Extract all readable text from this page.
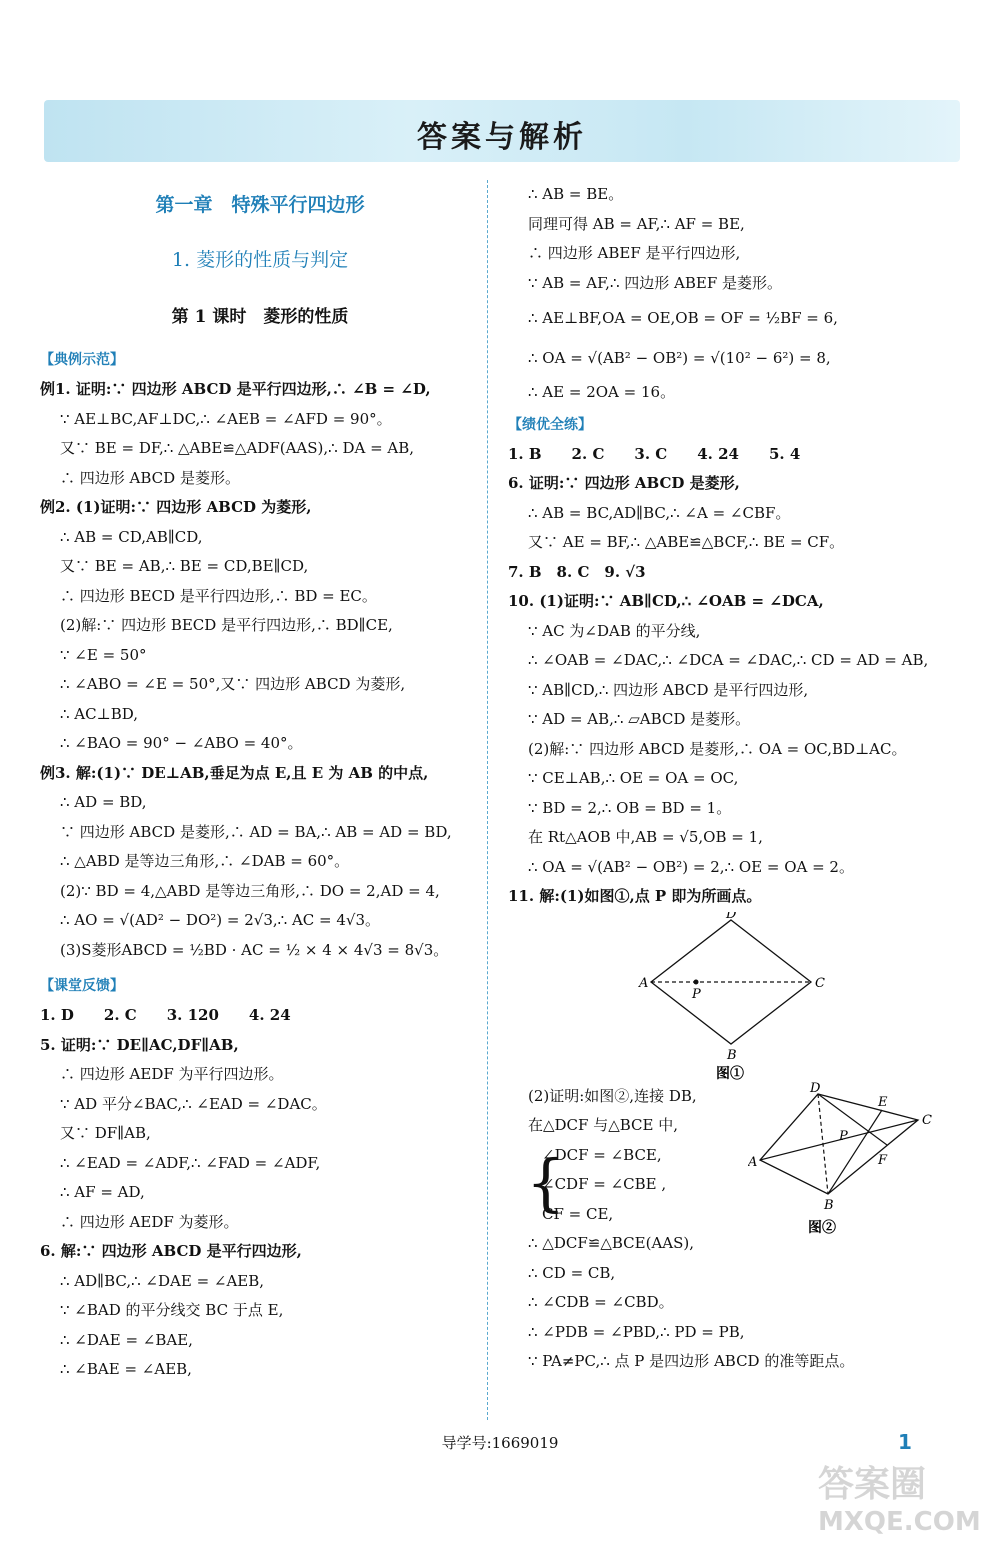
答案与解析
第一章　特殊平行四边形
1. 菱形的性质与判定
第 1 课时　菱形的性质
【典例示范】
例1. 证明:∵ 四边形 ABCD 是平行四边形,∴ ∠B = ∠D,
∵ AE⊥BC,AF⊥DC,∴ ∠AEB = ∠AFD = 90°。
又∵ BE = DF,∴ △ABE≌△ADF(AAS),∴ DA = AB,
∴ 四边形 ABCD 是菱形。
例2. (1)证明:∵ 四边形 ABCD 为菱形,
∴ AB = CD,AB∥CD,
又∵ BE = AB,∴ BE = CD,BE∥CD,
∴ 四边形 BECD 是平行四边形,∴ BD = EC。
(2)解:∵ 四边形 BECD 是平行四边形,∴ BD∥CE,
∵ ∠E = 50°
∴ ∠ABO = ∠E = 50°,又∵ 四边形 ABCD 为菱形,
∴ AC⊥BD,
∴ ∠BAO = 90° − ∠ABO = 40°。
例3. 解:(1)∵ DE⊥AB,垂足为点 E,且 E 为 AB 的中点,
∴ AD = BD,
∵ 四边形 ABCD 是菱形,∴ AD = BA,∴ AB = AD = BD,
∴ △ABD 是等边三角形,∴ ∠DAB = 60°。
(2)∵ BD = 4,△ABD 是等边三角形,∴ DO = 2,AD = 4,
∴ AO = √(AD² − DO²) = 2√3,∴ AC = 4√3。
(3)S菱形ABCD = ½BD · AC = ½ × 4 × 4√3 = 8√3。
【课堂反馈】
1. D　　2. C　　3. 120　　4. 24
5. 证明:∵ DE∥AC,DF∥AB,
∴ 四边形 AEDF 为平行四边形。
∵ AD 平分∠BAC,∴ ∠EAD = ∠DAC。
又∵ DF∥AB,
∴ ∠EAD = ∠ADF,∴ ∠FAD = ∠ADF,
∴ AF = AD,
∴ 四边形 AEDF 为菱形。
6. 解:∵ 四边形 ABCD 是平行四边形,
∴ AD∥BC,∴ ∠DAE = ∠AEB,
∵ ∠BAD 的平分线交 BC 于点 E,
∴ ∠DAE = ∠BAE,
∴ ∠BAE = ∠AEB,
∴ AB = BE。
同理可得 AB = AF,∴ AF = BE,
∴ 四边形 ABEF 是平行四边形,
∵ AB = AF,∴ 四边形 ABEF 是菱形。
∴ AE⊥BF,OA = OE,OB = OF = ½BF = 6,
∴ OA = √(AB² − OB²) = √(10² − 6²) = 8,
∴ AE = 2OA = 16。
【绩优全练】
1. B　　2. C　　3. C　　4. 24　　5. 4
6. 证明:∵ 四边形 ABCD 是菱形,
∴ AB = BC,AD∥BC,∴ ∠A = ∠CBF。
又∵ AE = BF,∴ △ABE≌△BCF,∴ BE = CF。
7. B　8. C　9. √3
10. (1)证明:∵ AB∥CD,∴ ∠OAB = ∠DCA,
∵ AC 为∠DAB 的平分线,
∴ ∠OAB = ∠DAC,∴ ∠DCA = ∠DAC,∴ CD = AD = AB,
∵ AB∥CD,∴ 四边形 ABCD 是平行四边形,
∵ AD = AB,∴ ▱ABCD 是菱形。
(2)解:∵ 四边形 ABCD 是菱形,∴ OA = OC,BD⊥AC。
∵ CE⊥AB,∴ OE = OA = OC,
∵ BD = 2,∴ OB = BD = 1。
在 Rt△AOB 中,AB = √5,OB = 1,
∴ OA = √(AB² − OB²) = 2,∴ OE = OA = 2。
11. 解:(1)如图①,点 P 即为所画点。
D
A	C
B
P
图①
(2)证明:如图②,连接 DB,
在△DCF 与△BCE 中,
{
∠DCF = ∠BCE,
∠CDF = ∠CBE ,
CF = CE,
∴ △DCF≌△BCE(AAS),
∴ CD = CB,
∴ ∠CDB = ∠CBD。
∴ ∠PDB = ∠PBD,∴ PD = PB,
∵ PA≠PC,∴ 点 P 是四边形 ABCD 的准等距点。
D
C
A
B
E
F
P
图②
导学号:1669019	1
答案圈
MXQE.COM
